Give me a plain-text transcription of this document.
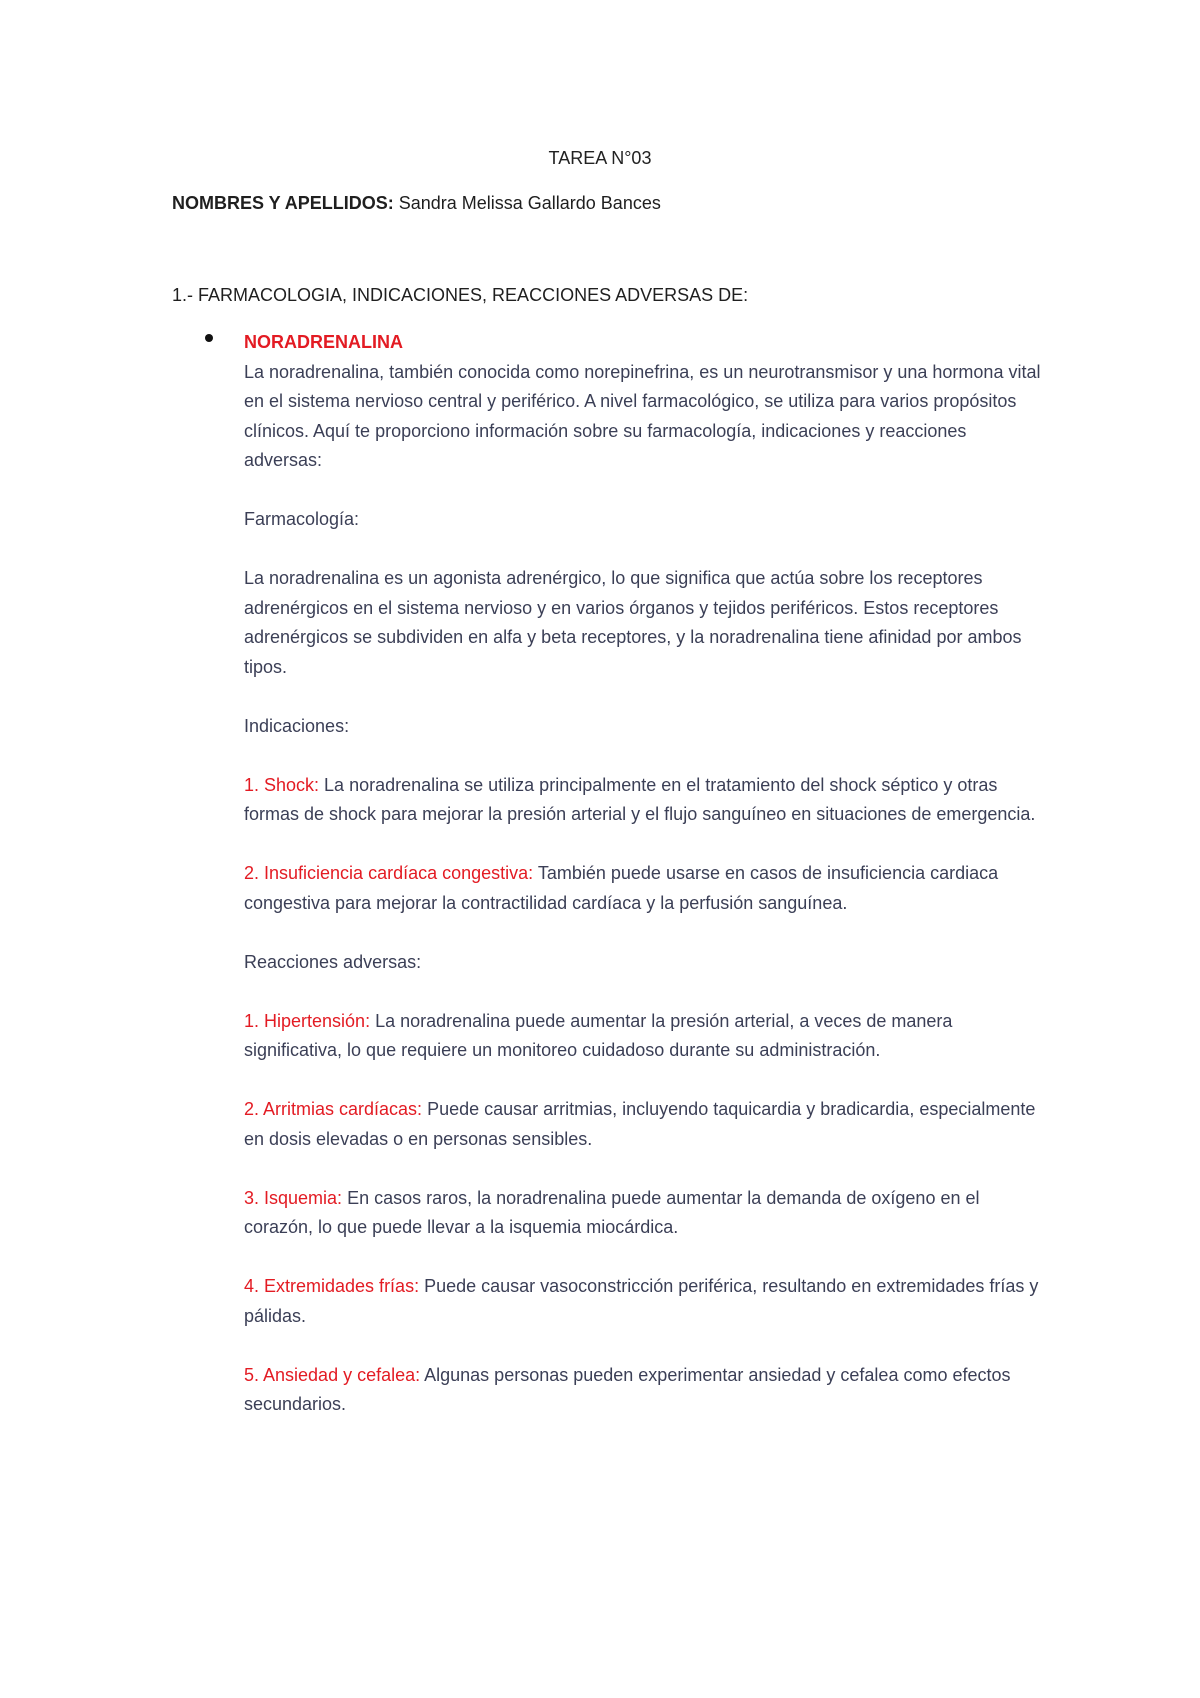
TAREA N°03
NOMBRES Y APELLIDOS: Sandra Melissa Gallardo Bances
1.- FARMACOLOGIA, INDICACIONES, REACCIONES ADVERSAS DE:

NORADRENALINA

La noradrenalina, también conocida como norepinefrina, es un neurotransmisor y una hormona vital en el sistema nervioso central y periférico. A nivel farmacológico, se utiliza para varios propósitos clínicos. Aquí te proporciono información sobre su farmacología, indicaciones y reacciones adversas:

Farmacología:

La noradrenalina es un agonista adrenérgico, lo que significa que actúa sobre los receptores adrenérgicos en el sistema nervioso y en varios órganos y tejidos periféricos. Estos receptores adrenérgicos se subdividen en alfa y beta receptores, y la noradrenalina tiene afinidad por ambos tipos.

Indicaciones:

1. Shock: La noradrenalina se utiliza principalmente en el tratamiento del shock séptico y otras formas de shock para mejorar la presión arterial y el flujo sanguíneo en situaciones de emergencia.

2. Insuficiencia cardíaca congestiva: También puede usarse en casos de insuficiencia cardiaca congestiva para mejorar la contractilidad cardíaca y la perfusión sanguínea.

Reacciones adversas:

1. Hipertensión: La noradrenalina puede aumentar la presión arterial, a veces de manera significativa, lo que requiere un monitoreo cuidadoso durante su administración.

2. Arritmias cardíacas: Puede causar arritmias, incluyendo taquicardia y bradicardia, especialmente en dosis elevadas o en personas sensibles.

3. Isquemia: En casos raros, la noradrenalina puede aumentar la demanda de oxígeno en el corazón, lo que puede llevar a la isquemia miocárdica.

4. Extremidades frías: Puede causar vasoconstricción periférica, resultando en extremidades frías y pálidas.

5. Ansiedad y cefalea: Algunas personas pueden experimentar ansiedad y cefalea como efectos secundarios.
